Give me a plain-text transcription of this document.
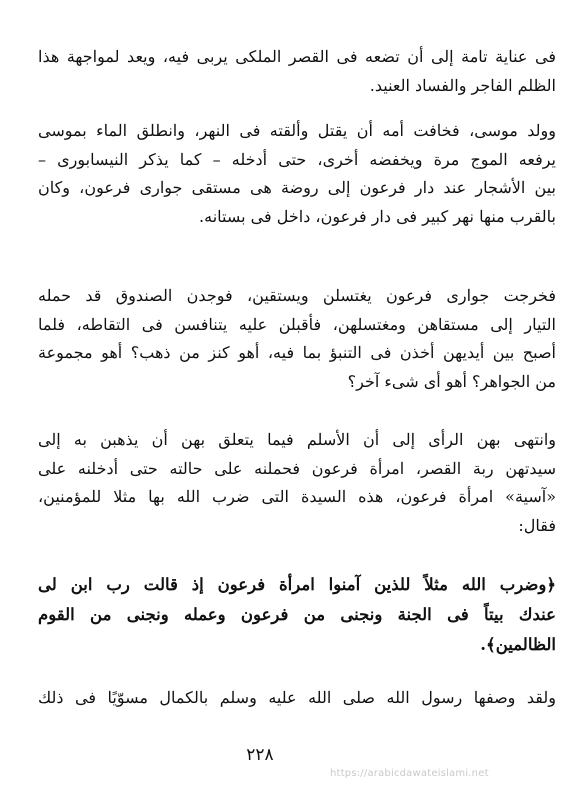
فى عناية تامة إلى أن تضعه فى القصر الملكى يربى فيه، ويعد لمواجهة هذا
الظلم الفاجر والفساد العنيد.
وولد موسى، فخافت أمه أن يقتل وألقته فى النهر، وانطلق الماء بموسى
يرفعه الموج مرة ويخفضه أخرى، حتى أدخله – كما يذكر النيسابورى –
بين الأشجار عند دار فرعون إلى روضة هى مستقى جوارى فرعون، وكان
بالقرب منها نهر كبير فى دار فرعون، داخل فى بستانه.
فخرجت جوارى فرعون يغتسلن ويستقين، فوجدن الصندوق قد حمله
التيار إلى مستقاهن ومغتسلهن، فأقبلن عليه يتنافسن فى التقاطه، فلما
أصبح بين أيديهن أخذن فى التنبؤ بما فيه، أهو كنز من ذهب؟ أهو مجموعة
من الجواهر؟ أهو أى شىء آخر؟
وانتهى بهن الرأى إلى أن الأسلم فيما يتعلق بهن أن يذهبن به إلى
سيدتهن ربة القصر، امرأة فرعون فحملنه على حالته حتى أدخلنه على
«آسية» امرأة فرعون، هذه السيدة التى ضرب الله بها مثلا للمؤمنين،
فقال:
﴿وضرب الله مثلاً للذين آمنوا امرأة فرعون إذ قالت رب ابن لى
عندك بيتاً فى الجنة ونجنى من فرعون وعمله ونجنى من القوم
الظالمين﴾.
ولقد وصفها رسول الله صلى الله عليه وسلم بالكمال مسوّيًا فى ذلك
٢٢٨
https://arabicdawateislami.net
